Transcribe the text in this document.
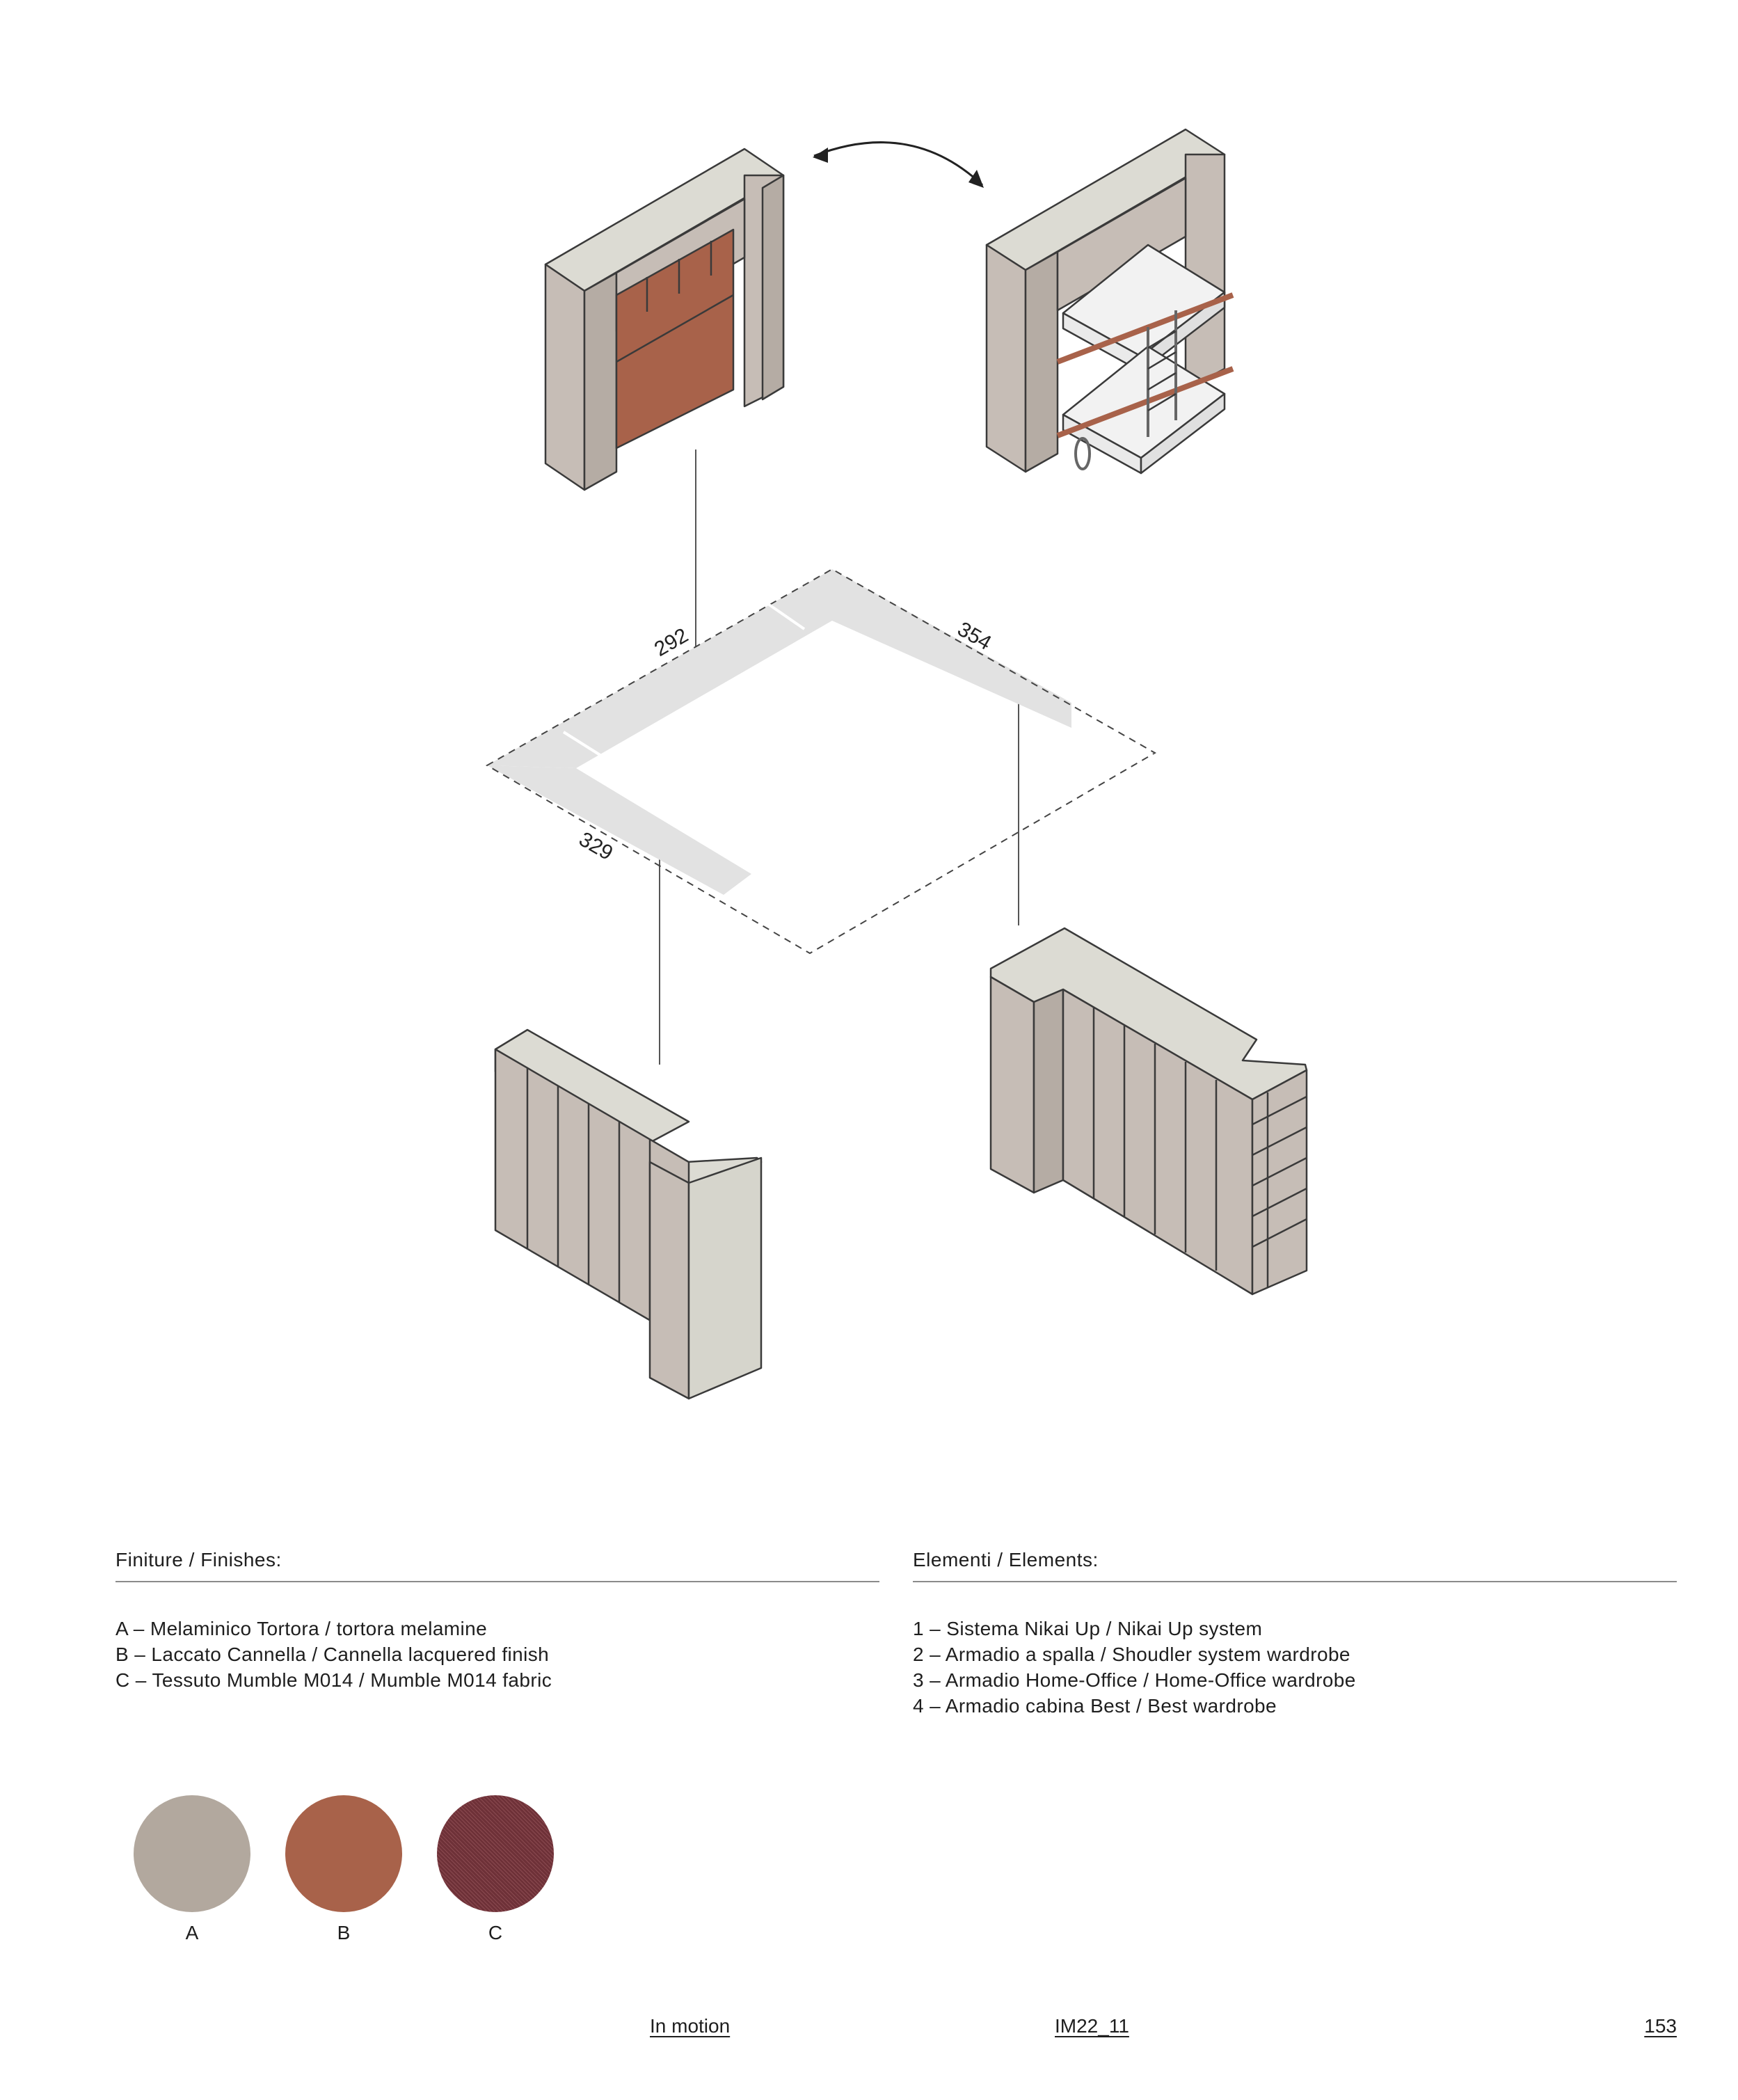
292	354
329
Finiture / Finishes:
A – Melaminico Tortora / tortora melamine
B – Laccato Cannella / Cannella lacquered finish
C – Tessuto Mumble M014 / Mumble M014 fabric
Elementi / Elements:
1 – Sistema Nikai Up / Nikai Up system
2 – Armadio a spalla / Shoudler system wardrobe
3 – Armadio Home-Office / Home-Office wardrobe
4 – Armadio cabina Best / Best wardrobe
A	B	C
In motion	IM22_11	153
